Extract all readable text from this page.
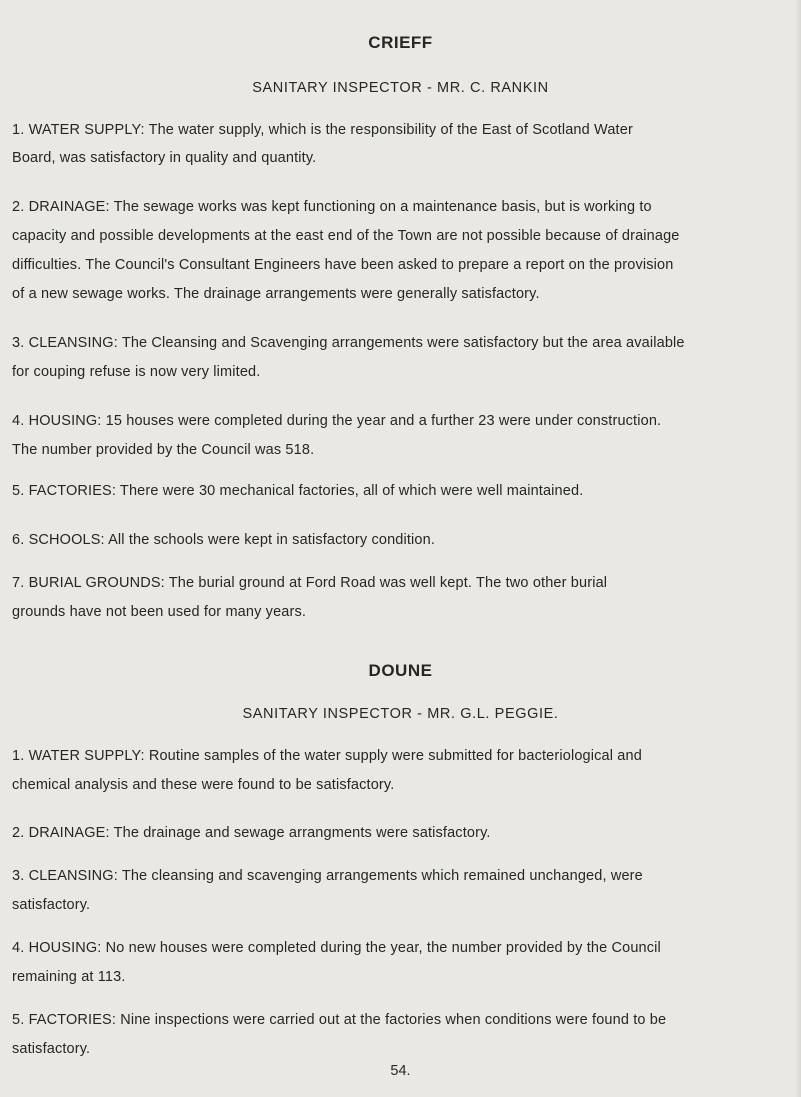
CRIEFF
SANITARY INSPECTOR - MR. C. RANKIN
1. WATER SUPPLY: The water supply, which is the responsibility of the East of Scotland Water
Board, was satisfactory in quality and quantity.
2. DRAINAGE: The sewage works was kept functioning on a maintenance basis, but is working to
capacity and possible developments at the east end of the Town are not possible because of drainage
difficulties. The Council's Consultant Engineers have been asked to prepare a report on the provision
of a new sewage works. The drainage arrangements were generally satisfactory.
3. CLEANSING: The Cleansing and Scavenging arrangements were satisfactory but the area available
for couping refuse is now very limited.
4. HOUSING: 15 houses were completed during the year and a further 23 were under construction.
The number provided by the Council was 518.
5. FACTORIES: There were 30 mechanical factories, all of which were well maintained.
6. SCHOOLS: All the schools were kept in satisfactory condition.
7. BURIAL GROUNDS: The burial ground at Ford Road was well kept. The two other burial
grounds have not been used for many years.
DOUNE
SANITARY INSPECTOR - MR. G.L. PEGGIE.
1. WATER SUPPLY: Routine samples of the water supply were submitted for bacteriological and
chemical analysis and these were found to be satisfactory.
2. DRAINAGE: The drainage and sewage arrangments were satisfactory.
3. CLEANSING: The cleansing and scavenging arrangements which remained unchanged, were
satisfactory.
4. HOUSING: No new houses were completed during the year, the number provided by the Council
remaining at 113.
5. FACTORIES: Nine inspections were carried out at the factories when conditions were found to be
satisfactory.
54.
